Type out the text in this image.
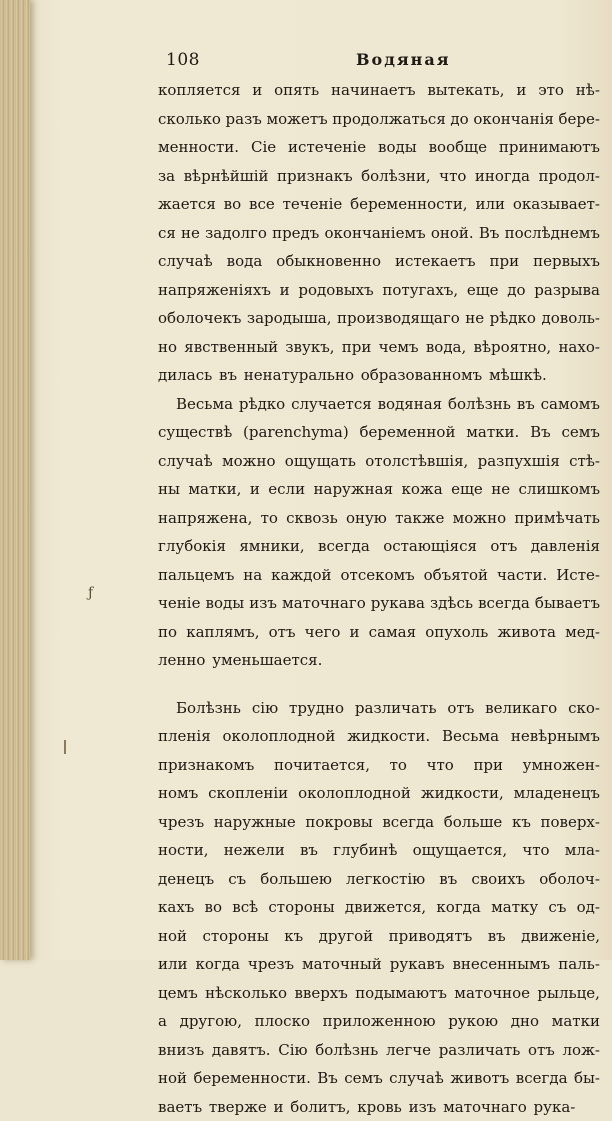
108	Водяная
ƒ
копляется и опять начинаетъ вытекать, и это нѣ-
сколько разъ можетъ продолжаться до окончанія бере-
менности. Сіе истеченіе воды вообще принимаютъ
за вѣрнѣйшій признакъ болѣзни, что иногда продол-
жается во все теченіе беременности, или оказывает-
ся не задолго предъ окончаніемъ оной. Въ послѣднемъ
случаѣ вода обыкновенно истекаетъ при первыхъ
напряженіяхъ и родовыхъ потугахъ, еще до разрыва
оболочекъ зародыша, производящаго не рѣдко доволь-
но явственный звукъ, при чемъ вода, вѣроятно, нахо-
дилась въ ненатурально образованномъ мѣшкѣ.
Весьма рѣдко случается водяная болѣзнь въ самомъ
существѣ (parenchyma) беременной матки. Въ семъ
случаѣ можно ощущать отолстѣвшія, разпухшія стѣ-
ны матки, и если наружная кожа еще не слишкомъ
напряжена, то сквозь оную также можно примѣчать
глубокія ямники, всегда остающіяся отъ давленія
пальцемъ на каждой отсекомъ объятой части. Исте-
ченіе воды изъ маточнаго рукава здѣсь всегда бываетъ
по каплямъ, отъ чего и самая опухоль живота мед-
ленно уменьшается.
Болѣзнь сію трудно различать отъ великаго ско-
пленія околоплодной жидкости. Весьма невѣрнымъ
признакомъ почитается, то что при умножен-
номъ скопленіи околоплодной жидкости, младенецъ
чрезъ наружные покровы всегда больше къ поверх-
ности, нежели въ глубинѣ ощущается, что мла-
денецъ съ большею легкостію въ своихъ оболоч-
кахъ во всѣ стороны движется, когда матку съ од-
ной стороны къ другой приводятъ въ движеніе,
или когда чрезъ маточный рукавъ внесеннымъ паль-
цемъ нѣсколько вверхъ подымаютъ маточное рыльце,
а другою, плоско приложенною рукою дно матки
внизъ давятъ. Сію болѣзнь легче различать отъ лож-
ной беременности. Въ семъ случаѣ животъ всегда бы-
ваетъ тверже и болитъ, кровь изъ маточнаго рука-
